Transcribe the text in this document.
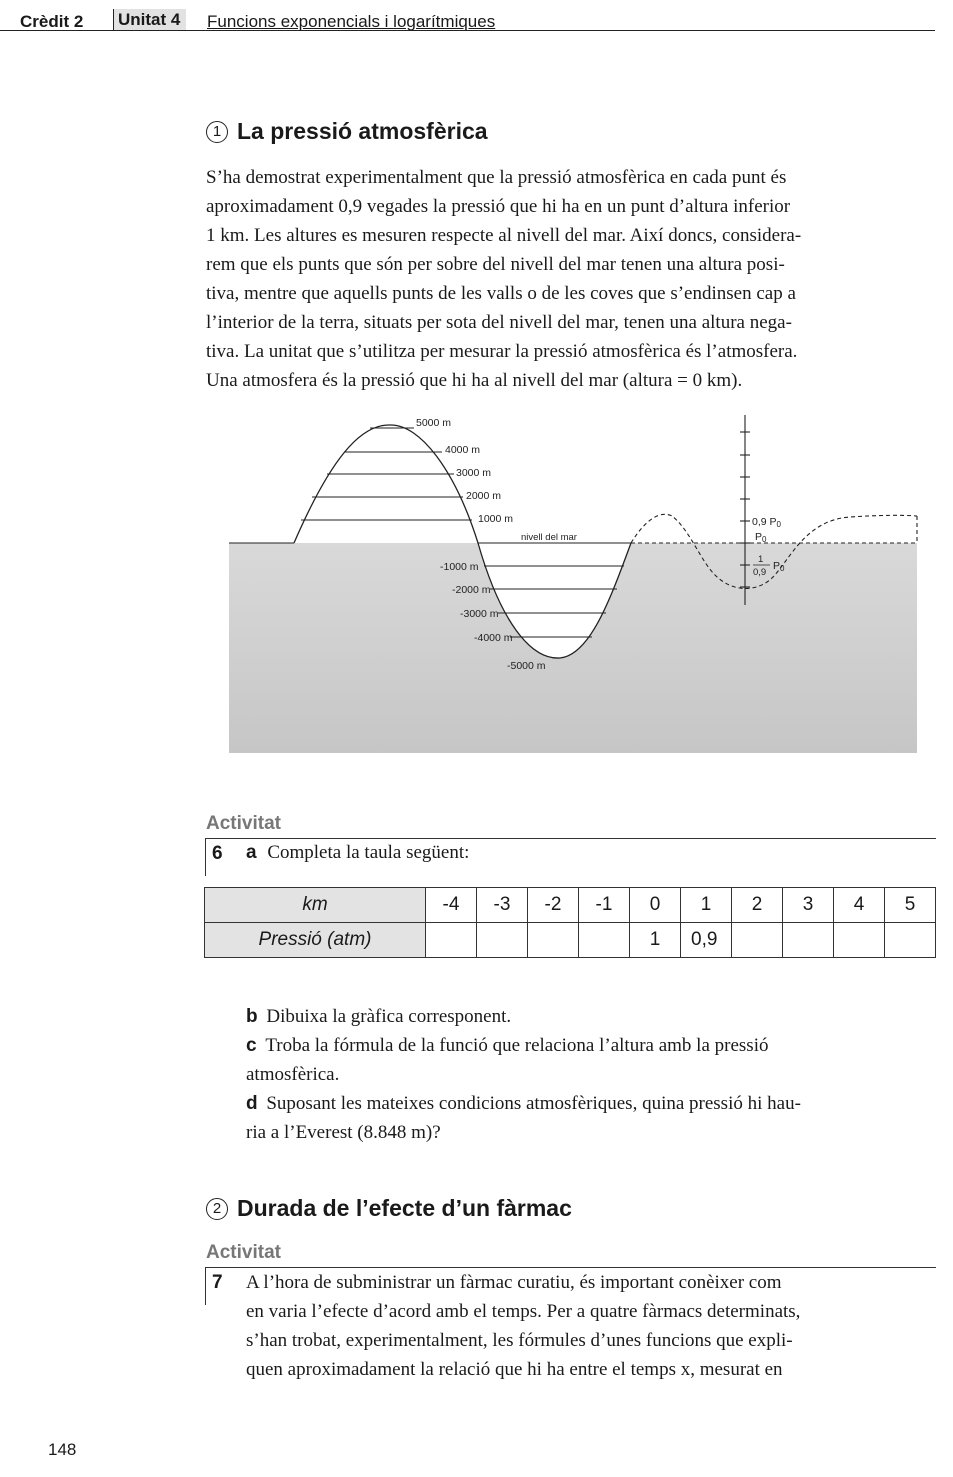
Crèdit 2 Unitat 4	Funcions exponencials i logarítmiques
1 La pressió atmosfèrica
S’ha demostrat experimentalment que la pressió atmosfèrica en cada punt és
aproximadament 0,9 vegades la pressió que hi ha en un punt d’altura inferior
1 km. Les altures es mesuren respecte al nivell del mar. Així doncs, considera-
rem que els punts que són per sobre del nivell del mar tenen una altura posi-
tiva, mentre que aquells punts de les valls o de les coves que s’endinsen cap a
l’interior de la terra, situats per sota del nivell del mar, tenen una altura nega-
tiva. La unitat que s’utilitza per mesurar la pressió atmosfèrica és l’atmosfera.
Una atmosfera és la pressió que hi ha al nivell del mar (altura = 0 km).
5000 m
4000 m
3000 m
2000 m
1000 m
nivell del mar
-1000 m
-2000 m
-3000 m
-4000 m
-5000 m
0,9 P0
P0
1
0,9
P0
Activitat
6 a Completa la taula següent:
km	-4	-3	-2	-1	0	1	2	3	4	5
Pressió (atm)					1	0,9				
b Dibuixa la gràfica corresponent.
c Troba la fórmula de la funció que relaciona l’altura amb la pressió
atmosfèrica.
d Suposant les mateixes condicions atmosfèriques, quina pressió hi hau-
ria a l’Everest (8.848 m)?
2 Durada de l’efecte d’un fàrmac
Activitat
7 A l’hora de subministrar un fàrmac curatiu, és important conèixer com
en varia l’efecte d’acord amb el temps. Per a quatre fàrmacs determinats,
s’han trobat, experimentalment, les fórmules d’unes funcions que expli-
quen aproximadament la relació que hi ha entre el temps x, mesurat en
148
